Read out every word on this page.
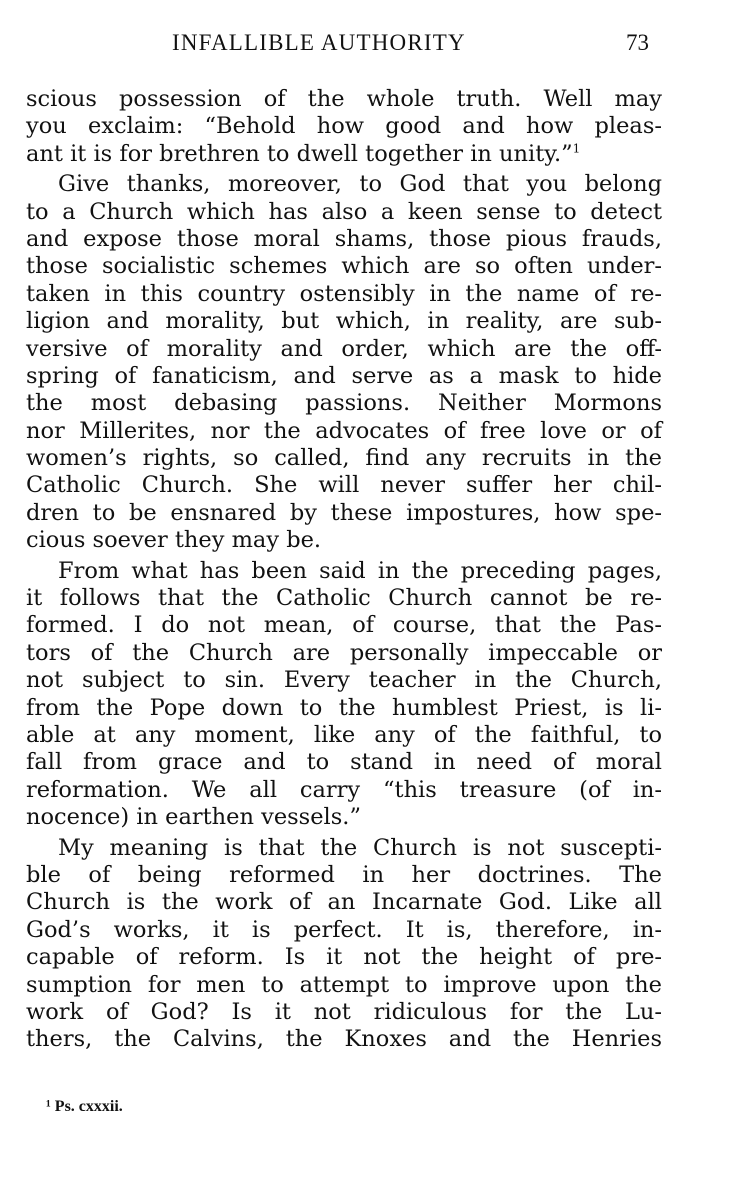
INFALLIBLE AUTHORITY	73
scious possession of the whole truth. Well may
you exclaim: “Behold how good and how pleas-
ant it is for brethren to dwell together in unity.”$^1$
Give thanks, moreover, to God that you belong
to a Church which has also a keen sense to detect
and expose those moral shams, those pious frauds,
those socialistic schemes which are so often under-
taken in this country ostensibly in the name of re-
ligion and morality, but which, in reality, are sub-
versive of morality and order, which are the off-
spring of fanaticism, and serve as a mask to hide
the most debasing passions. Neither Mormons
nor Millerites, nor the advocates of free love or of
women’s rights, so called, find any recruits in the
Catholic Church. She will never suffer her chil-
dren to be ensnared by these impostures, how spe-
cious soever they may be.
From what has been said in the preceding pages,
it follows that the Catholic Church cannot be re-
formed. I do not mean, of course, that the Pas-
tors of the Church are personally impeccable or
not subject to sin. Every teacher in the Church,
from the Pope down to the humblest Priest, is li-
able at any moment, like any of the faithful, to
fall from grace and to stand in need of moral
reformation. We all carry “this treasure (of in-
nocence) in earthen vessels.”
My meaning is that the Church is not suscepti-
ble of being reformed in her doctrines. The
Church is the work of an Incarnate God. Like all
God’s works, it is perfect. It is, therefore, in-
capable of reform. Is it not the height of pre-
sumption for men to attempt to improve upon the
work of God? Is it not ridiculous for the Lu-
thers, the Calvins, the Knoxes and the Henries
¹ Ps. cxxxii.
